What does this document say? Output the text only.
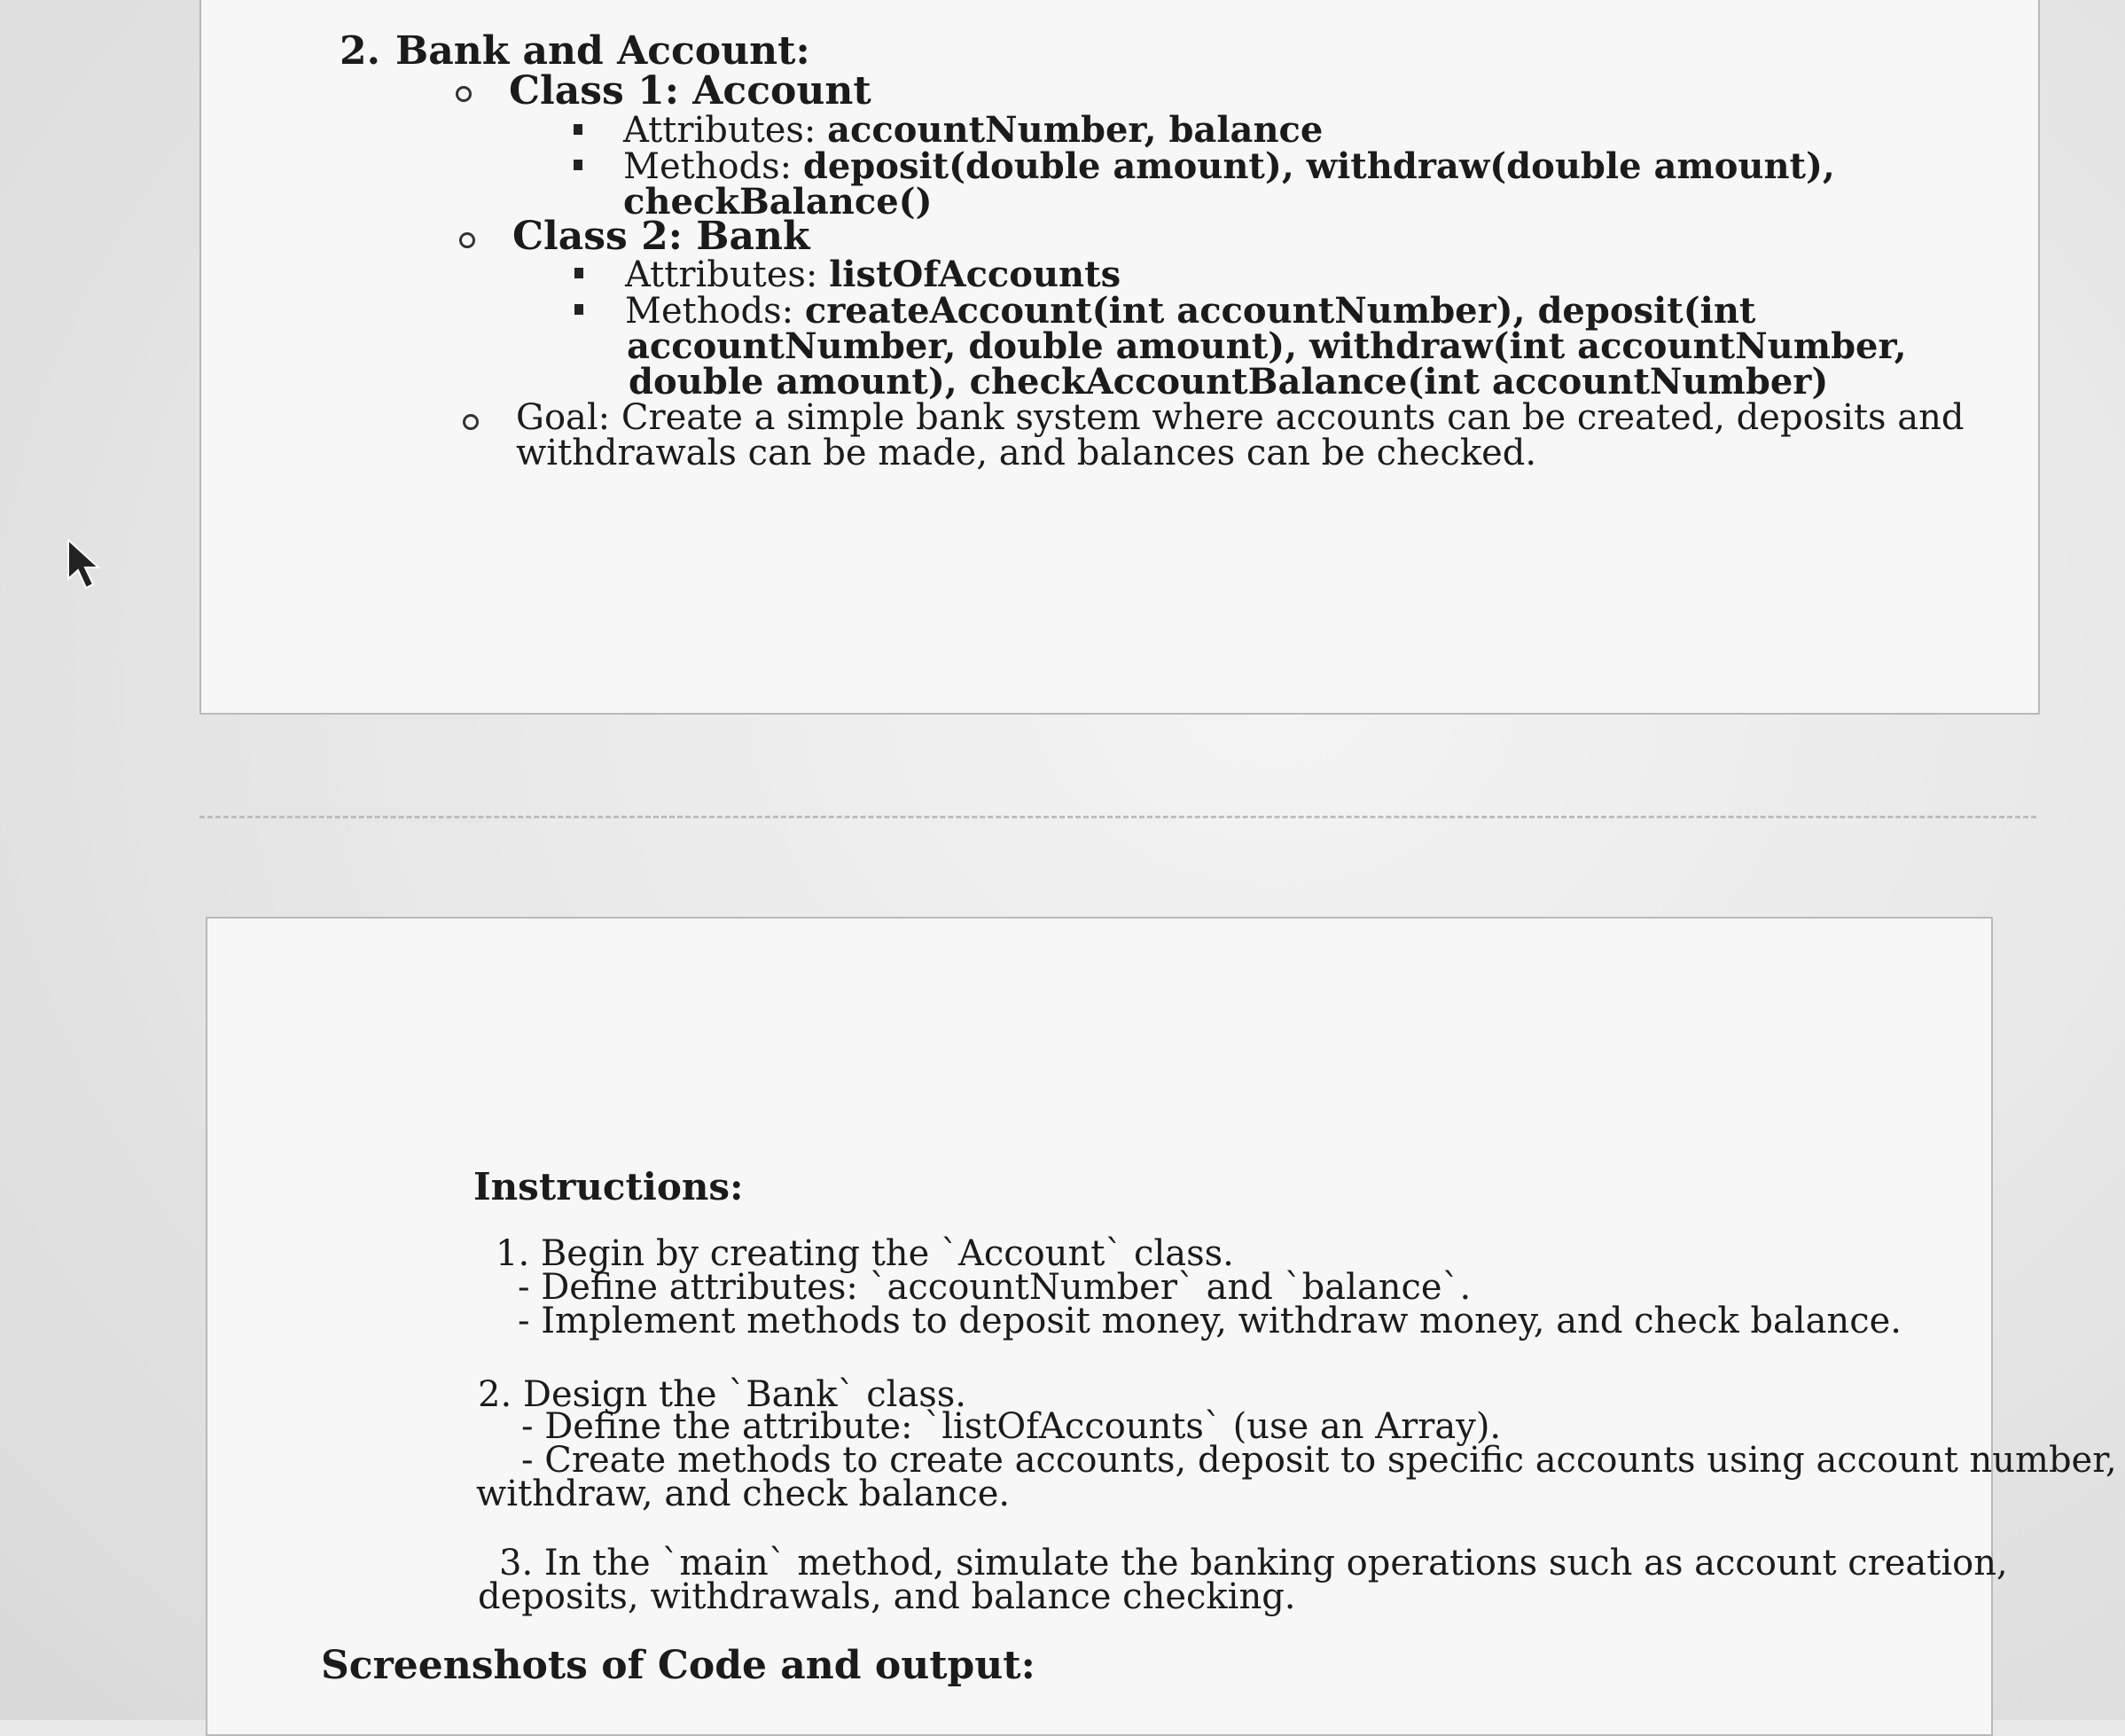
2. Bank and Account:
Class 1: Account
Attributes: accountNumber, balance
Methods: deposit(double amount), withdraw(double amount),
checkBalance()
Class 2: Bank
Attributes: listOfAccounts
Methods: createAccount(int accountNumber), deposit(int
accountNumber, double amount), withdraw(int accountNumber,
double amount), checkAccountBalance(int accountNumber)
Goal: Create a simple bank system where accounts can be created, deposits and
withdrawals can be made, and balances can be checked.
Instructions:
1. Begin by creating the `Account` class.
- Define attributes: `accountNumber` and `balance`.
- Implement methods to deposit money, withdraw money, and check balance.
2. Design the `Bank` class.
- Define the attribute: `listOfAccounts` (use an Array).
- Create methods to create accounts, deposit to specific accounts using account number,
withdraw, and check balance.
3. In the `main` method, simulate the banking operations such as account creation,
deposits, withdrawals, and balance checking.
Screenshots of Code and output:
